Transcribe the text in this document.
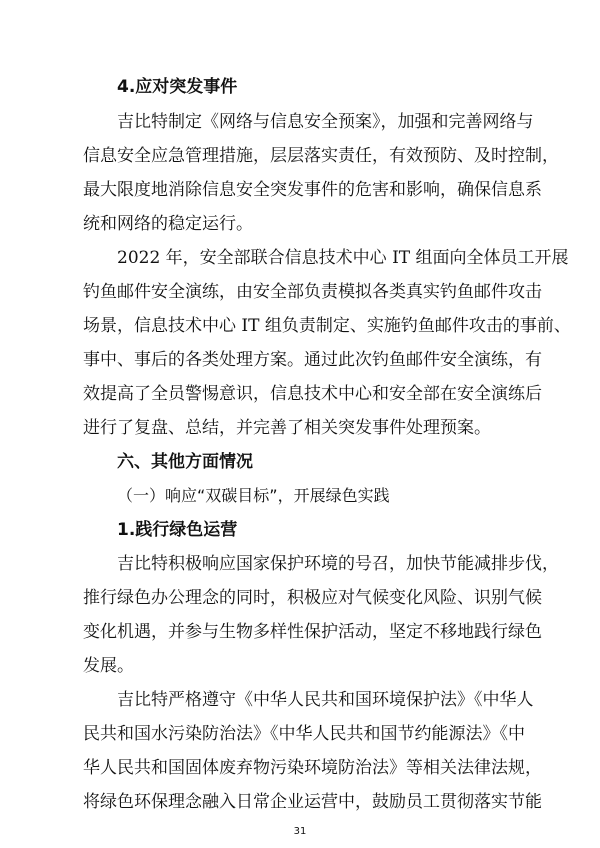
4.应对突发事件
吉比特制定《网络与信息安全预案》，加强和完善网络与
信息安全应急管理措施，层层落实责任，有效预防、及时控制，
最大限度地消除信息安全突发事件的危害和影响，确保信息系
统和网络的稳定运行。
2022 年，安全部联合信息技术中心 IT 组面向全体员工开展
钓鱼邮件安全演练，由安全部负责模拟各类真实钓鱼邮件攻击
场景，信息技术中心 IT 组负责制定、实施钓鱼邮件攻击的事前、
事中、事后的各类处理方案。通过此次钓鱼邮件安全演练，有
效提高了全员警惕意识，信息技术中心和安全部在安全演练后
进行了复盘、总结，并完善了相关突发事件处理预案。
六、其他方面情况
（一）响应“双碳目标”，开展绿色实践
1.践行绿色运营
吉比特积极响应国家保护环境的号召，加快节能减排步伐，
推行绿色办公理念的同时，积极应对气候变化风险、识别气候
变化机遇，并参与生物多样性保护活动，坚定不移地践行绿色
发展。
吉比特严格遵守《中华人民共和国环境保护法》《中华人
民共和国水污染防治法》《中华人民共和国节约能源法》《中
华人民共和国固体废弃物污染环境防治法》等相关法律法规，
将绿色环保理念融入日常企业运营中，鼓励员工贯彻落实节能
31
